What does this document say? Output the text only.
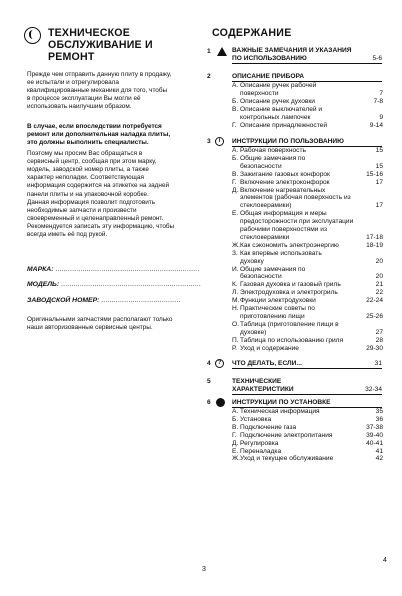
ТЕХНИЧЕСКОЕ
ОБСЛУЖИВАНИЕ И
РЕМОНТ
Прежде чем отправить данную плиту в продажу,
ее испытали и отрегулировала
квалифицированные механики для того, чтобы
в процессе эксплуатации Вы могли её
использовать наилучшим образом.
В случае, если впоследствии потребуется
ремонт или дополнительная наладка плиты,
это должны выполнить специалисты.
Поэтому мы просим Вас обращаться в
сервисный центр, сообщая при этом марку,
модель, заводской номер плиты, а также
характер неполадки. Соответствующая
информация содержится на этикетке на задней
панели плиты и на упаковочной коробке.
Данная информация позволит подготовить
необходимые запчасти и произвести
своевременный и целенаправленный ремонт.
Рекомендуется записать эту информацию, чтобы
всегда иметь её под рукой.
МАРКА: .....................................................................
МОДЕЛЬ: ...................................................................
ЗАВОДСКОЙ НОМЕР: ......................................
Оригинальными запчастями располагают только
наши авторизованные сервисные центры.
3
СОДЕРЖАНИЕ
1	ВАЖНЫЕ ЗАМЕЧАНИЯ И УКАЗАНИЯ
ПО ИСПОЛЬЗОВАНИЮ	5-6
2	ОПИСАНИЕ ПРИБОРА
А. Описание ручек рабочей
поверхности	7
Б. Описание ручек духовки	7-8
В. Описание выключателей и
контрольных лампочек	9
Г. Описание принадлежностей	9-14
3	i	ИНСТРУКЦИИ ПО ПОЛЬЗОВАНИЮ
А. Рабочая поверхность	15
Б. Общие замечания по
безопасности	15
В. Зажигание газовых конфорок	15-16
Г. Включение электроконфорок	17
Д. Включение нагревательных
элементов (рабочая поверхность из
стеклокерамики)	17
Е. Общая информация и меры
предосторожности при эксплуатации
рабочими поверхностями из
стеклокерамики	17-18
Ж.Как сэкономить электроэнергию	18-19
З. Как впервые использовать
духовку	20
И.Общие замечания по
безопасности	20
К. Газовая духовка и газовый гриль	21
Л. Электродуховка и электрогриль	22
М.Функции электродуховки	22-24
Н.Практические советы по
приготовлению пищи	25-26
О.Таблица (приготовление пищи в
духовке)	27
П.Таблица по использованию гриля	28
Р. Уход и содержание	29-30
4	?	ЧТО ДЕЛАТЬ, ЕСЛИ...	31
5	ТЕХНИЧЕСКИЕ
ХАРАКТЕРИСТИКИ	32-34
6	ИНСТРУКЦИИ ПО УСТАНОВКЕ
А. Техническая информация	35
Б. Установка	36
В. Подключение газа	37-38
Г. Подключение электропитания	39-40
Д. Регулировка	40-41
Е. Переналадка	41
Ж.Уход и текущее обслуживание	42
4
